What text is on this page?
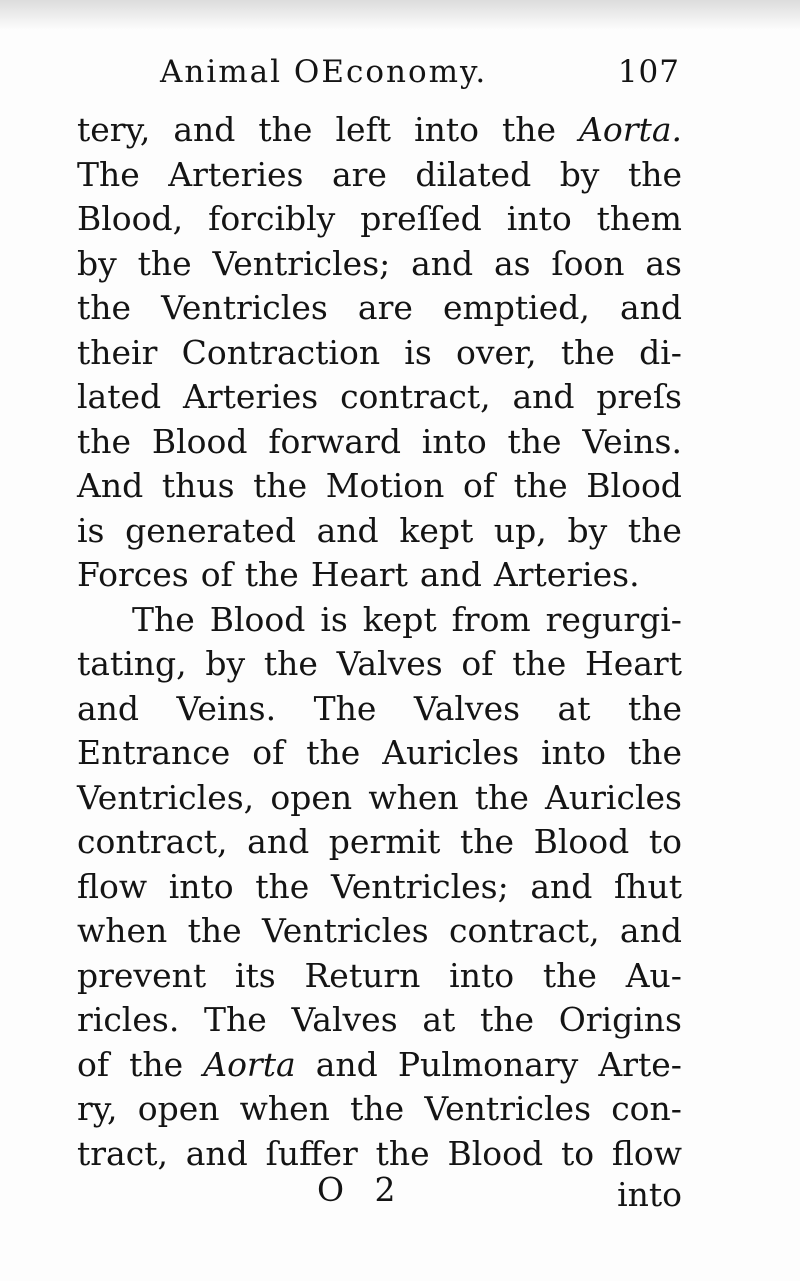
Animal OEconomy.	107
tery, and the left into the Aorta.
The Arteries are dilated by the
Blood, forcibly preſſed into them
by the Ventricles; and as ſoon as
the Ventricles are emptied, and
their Contraction is over, the di-
lated Arteries contract, and preſs
the Blood forward into the Veins.
And thus the Motion of the Blood
is generated and kept up, by the
Forces of the Heart and Arteries.
The Blood is kept from regurgi-
tating, by the Valves of the Heart
and Veins. The Valves at the
Entrance of the Auricles into the
Ventricles, open when the Auricles
contract, and permit the Blood to
flow into the Ventricles; and ſhut
when the Ventricles contract, and
prevent its Return into the Au-
ricles. The Valves at the Origins
of the Aorta and Pulmonary Arte-
ry, open when the Ventricles con-
tract, and ſuffer the Blood to flow
O 2	into
